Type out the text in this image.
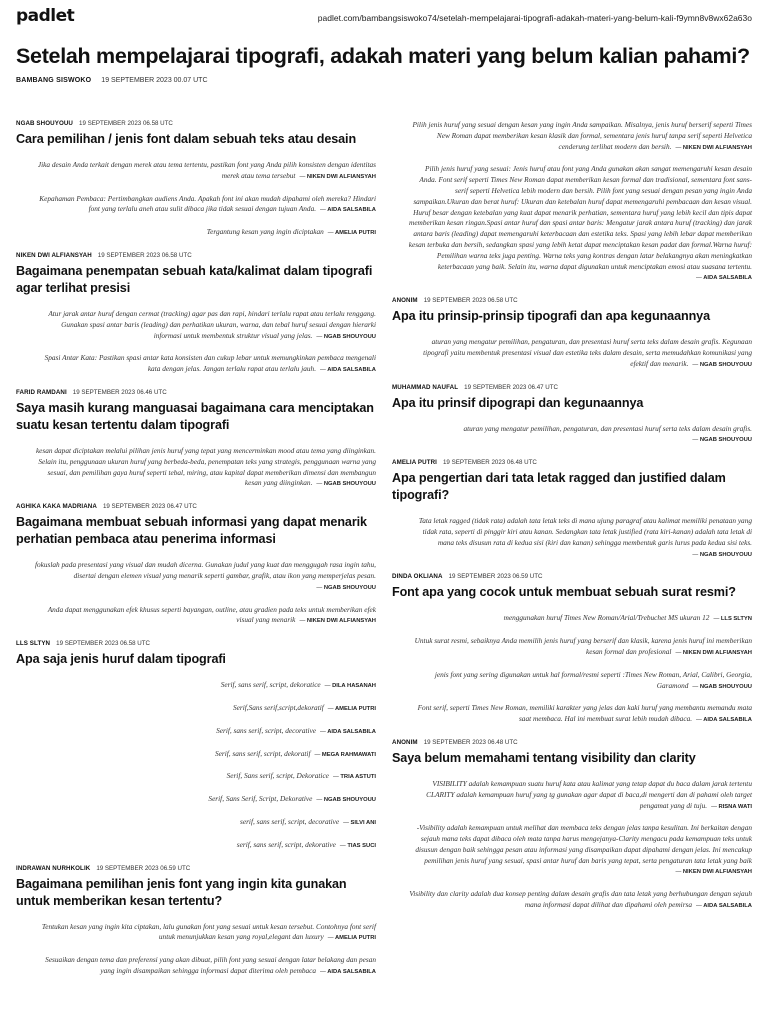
padlet	padlet.com/bambangsiswoko74/setelah-mempelajarai-tipografi-adakah-materi-yang-belum-kali-f9ymn8v8wx62a63o
Setelah mempelajarai tipografi, adakah materi yang belum kalian pahami?
BAMBANG SISWOKO 19 SEPTEMBER 2023 00.07 UTC
NGAB SHOUYOUU 19 SEPTEMBER 2023 06.58 UTC
Cara pemilihan / jenis font dalam sebuah teks atau desain
Jika desain Anda terkait dengan merek atau tema tertentu, pastikan font yang Anda pilih konsisten dengan identitas merek atau tema tersebut — NIKEN DWI ALFIANSYAH
Kepahaman Pembaca: Pertimbangkan audiens Anda. Apakah font ini akan mudah dipahami oleh mereka? Hindari font yang terlalu aneh atau sulit dibaca jika tidak sesuai dengan tujuan Anda. — AIDA SALSABILA
Tergantung kesan yang ingin diciptakan — AMELIA PUTRI
NIKEN DWI ALFIANSYAH 19 SEPTEMBER 2023 06.58 UTC
Bagaimana penempatan sebuah kata/kalimat dalam tipografi agar terlihat presisi
Atur jarak antar huruf dengan cermat (tracking) agar pas dan rapi, hindari terlalu rapat atau terlalu renggang. Gunakan spasi antar baris (leading) dan perhatikan ukuran, warna, dan tebal huruf sesuai dengan hierarki informasi untuk membentuk struktur visual yang jelas. — NGAB SHOUYOUU
Spasi Antar Kata: Pastikan spasi antar kata konsisten dan cukup lebar untuk memungkinkan pembaca mengenali kata dengan jelas. Jangan terlalu rapat atau terlalu jauh. — AIDA SALSABILA
FARID RAMDANI 19 SEPTEMBER 2023 06.46 UTC
Saya masih kurang manguasai bagaimana cara menciptakan suatu kesan tertentu dalam tipografi
kesan dapat diciptakan melalui pilihan jenis huruf yang tepat yang mencerminkan mood atau tema yang diinginkan. Selain itu, penggunaan ukuran huruf yang berbeda-beda, penempatan teks yang strategis, penggunaan warna yang sesuai, dan pemilihan gaya huruf seperti tebal, miring, atau kapital dapat memberikan dimensi dan membangun kesan yang diinginkan. — NGAB SHOUYOUU
AGHIKA KAKA MADRIANA 19 SEPTEMBER 2023 06.47 UTC
Bagaimana membuat sebuah informasi yang dapat menarik perhatian pembaca atau penerima informasi
fokuslah pada presentasi yang visual dan mudah dicerna. Gunakan judul yang kuat dan menggugah rasa ingin tahu, disertai dengan elemen visual yang menarik seperti gambar, grafik, atau ikon yang memperjelas pesan.— NGAB SHOUYOUU
Anda dapat menggunakan efek khusus seperti bayangan, outline, atau gradien pada teks untuk memberikan efek visual yang menarik — NIKEN DWI ALFIANSYAH
LLS SLTYN 19 SEPTEMBER 2023 06.58 UTC
Apa saja jenis huruf dalam tipografi
Serif, sans serif, script, dekoratice — DILA HASANAH
Serif,Sans serif,script,dekoratif — AMELIA PUTRI
Serif, sans serif, script, decorative — AIDA SALSABILA
Serif, sans serif, script, dekoratif — MEGA RAHMAWATI
Serif, Sans serif, script, Dekoratice — TRIA ASTUTI
Serif, Sans Serif, Script, Dekorative — NGAB SHOUYOUU
serif, sans serif, script, decorative — SILVI ANI
serif, sans serif, script, dekorative — TIAS SUCI
INDRAWAN NURHKOLIK 19 SEPTEMBER 2023 06.59 UTC
Bagaimana pemilihan jenis font yang ingin kita gunakan untuk memberikan kesan tertentu?
Tentukan kesan yang ingin kita ciptakan, lalu gunakan font yang sesuai untuk kesan tersebut. Contohnya font serif untuk menunjukkan kesan yang royal,elegant dan luxury — AMELIA PUTRI
Sesuaikan dengan tema dan preferensi yang akan dibuat, pilih font yang sesuai dengan latar belakang dan pesan yang ingin disampaikan sehingga informasi dapat diterima oleh pembaca — AIDA SALSABILA
Pilih jenis huruf yang sesuai dengan kesan yang ingin Anda sampaikan. Misalnya, jenis huruf berserif seperti Times New Roman dapat memberikan kesan klasik dan formal, sementara jenis huruf tanpa serif seperti Helvetica cenderung terlihat modern dan bersih. — NIKEN DWI ALFIANSYAH
Pilih jenis huruf yang sesuai: Jenis huruf atau font yang Anda gunakan akan sangat memengaruhi kesan desain Anda. Font serif seperti Times New Roman dapat memberikan kesan formal dan tradisional, sementara font sans-serif seperti Helvetica lebih modern dan bersih. Pilih font yang sesuai dengan pesan yang ingin Anda sampaikan.Ukuran dan berat huruf: Ukuran dan ketebalan huruf dapat memengaruhi pembacaan dan kesan visual. Huruf besar dengan ketebalan yang kuat dapat menarik perhatian, sementara huruf yang lebih kecil dan tipis dapat memberikan kesan ringan.Spasi antar huruf dan spasi antar baris: Mengatur jarak antara huruf (tracking) dan jarak antara baris (leading) dapat memengaruhi keterbacaan dan estetika teks. Spasi yang lebih lebar dapat memberikan kesan terbuka dan bersih, sedangkan spasi yang lebih ketat dapat menciptakan kesan padat dan formal.Warna huruf: Pemilihan warna teks juga penting. Warna teks yang kontras dengan latar belakangnya akan meningkatkan keterbacaan yang baik. Selain itu, warna dapat digunakan untuk menciptakan emosi atau suasana tertentu.— AIDA SALSABILA
ANONIM 19 SEPTEMBER 2023 06.58 UTC
Apa itu prinsip-prinsip tipografi dan apa kegunaannya
aturan yang mengatur pemilihan, pengaturan, dan presentasi huruf serta teks dalam desain grafis. Kegunaan tipografi yaitu membentuk presentasi visual dan estetika teks dalam desain, serta memudahkan komunikasi yang efektif dan menarik. — NGAB SHOUYOUU
MUHAMMAD NAUFAL 19 SEPTEMBER 2023 06.47 UTC
Apa itu prinsif dipograpi dan kegunaannya
aturan yang mengatur pemilihan, pengaturan, dan presentasi huruf serta teks dalam desain grafis.— NGAB SHOUYOUU
AMELIA PUTRI 19 SEPTEMBER 2023 06.48 UTC
Apa pengertian dari tata letak ragged dan justified dalam tipografi?
Tata letak ragged (tidak rata) adalah tata letak teks di mana ujung paragraf atau kalimat memiliki penataan yang tidak rata, seperti di pinggir kiri atau kanan. Sedangkan tata letak justified (rata kiri-kanan) adalah tata letak di mana teks disusun rata di kedua sisi (kiri dan kanan) sehingga membentuk garis lurus pada kedua sisi teks.— NGAB SHOUYOUU
DINDA OKLIANA 19 SEPTEMBER 2023 06.59 UTC
Font apa yang cocok untuk membuat sebuah surat resmi?
menggunakan huruf Times New Roman/Arial/Trebuchet MS ukuran 12 — LLS SLTYN
Untuk surat resmi, sebaiknya Anda memilih jenis huruf yang berserif dan klasik, karena jenis huruf ini memberikan kesan formal dan profesional — NIKEN DWI ALFIANSYAH
jenis font yang sering digunakan untuk hal formal/resmi seperti :Times New Roman, Arial, Calibri, Georgia, Garamond — NGAB SHOUYOUU
Font serif, seperti Times New Roman, memiliki karakter yang jelas dan kaki huruf yang membantu memandu mata saat membaca. Hal ini membuat surat lebih mudah dibaca. — AIDA SALSABILA
ANONIM 19 SEPTEMBER 2023 06.48 UTC
Saya belum memahami tentang visibility dan clarity
VISIBILITY adalah kemampuan suatu huruf kata atau kalimat yang tetap dapat du baca dalam jarak tertentu CLARITY adalah kemampuan huruf yang tg gunakan agar dapat di baca,di mengerti dan di pahami oleh target pengamat yang di tuju. — RISNA WATI
-Visibility adalah kemampuan untuk melihat dan membaca teks dengan jelas tanpa kesulitan. Ini berkaitan dengan sejauh mana teks dapat dibaca oleh mata tanpa harus mengejanya-Clarity mengacu pada kemampuan teks untuk disusun dengan baik sehingga pesan atau informasi yang disampaikan dapat dipahami dengan jelas. Ini mencakup pemilihan jenis huruf yang sesuai, spasi antar huruf dan baris yang tepat, serta pengaturan tata letak yang baik— NIKEN DWI ALFIANSYAH
Visibility dan clarity adalah dua konsep penting dalam desain grafis dan tata letak yang berhubungan dengan sejauh mana informasi dapat dilihat dan dipahami oleh pemirsa — AIDA SALSABILA
